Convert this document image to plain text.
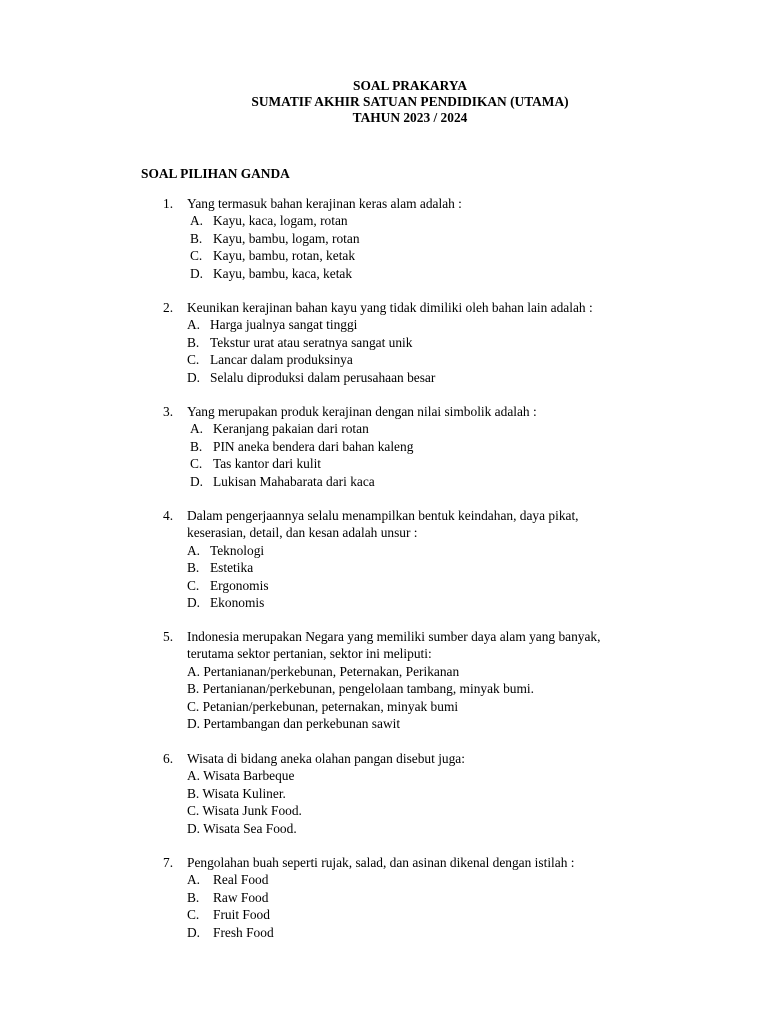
SOAL PRAKARYA
SUMATIF AKHIR SATUAN PENDIDIKAN (UTAMA)
TAHUN 2023 / 2024
SOAL PILIHAN GANDA
1. Yang termasuk bahan kerajinan keras alam adalah :
A. Kayu, kaca, logam, rotan
B. Kayu, bambu, logam, rotan
C. Kayu, bambu, rotan, ketak
D. Kayu, bambu, kaca, ketak
2. Keunikan kerajinan bahan kayu yang tidak dimiliki oleh bahan lain adalah :
A. Harga jualnya sangat tinggi
B. Tekstur urat atau seratnya sangat unik
C. Lancar dalam produksinya
D. Selalu diproduksi dalam perusahaan besar
3. Yang merupakan produk kerajinan dengan nilai simbolik adalah :
A. Keranjang pakaian dari rotan
B. PIN aneka bendera dari bahan kaleng
C. Tas kantor dari kulit
D. Lukisan Mahabarata dari kaca
4. Dalam pengerjaannya selalu menampilkan bentuk keindahan, daya pikat,
keserasian, detail, dan kesan adalah unsur :
A. Teknologi
B. Estetika
C. Ergonomis
D. Ekonomis
5. Indonesia merupakan Negara yang memiliki sumber daya alam yang banyak,
terutama sektor pertanian, sektor ini meliputi:
A. Pertanianan/perkebunan, Peternakan, Perikanan
B. Pertanianan/perkebunan, pengelolaan tambang, minyak bumi.
C. Petanian/perkebunan, peternakan, minyak bumi
D. Pertambangan dan perkebunan sawit
6. Wisata di bidang aneka olahan pangan disebut juga:
A. Wisata Barbeque
B. Wisata Kuliner.
C. Wisata Junk Food.
D. Wisata Sea Food.
7. Pengolahan buah seperti rujak, salad, dan asinan dikenal dengan istilah :
A. Real Food
B. Raw Food
C. Fruit Food
D. Fresh Food
